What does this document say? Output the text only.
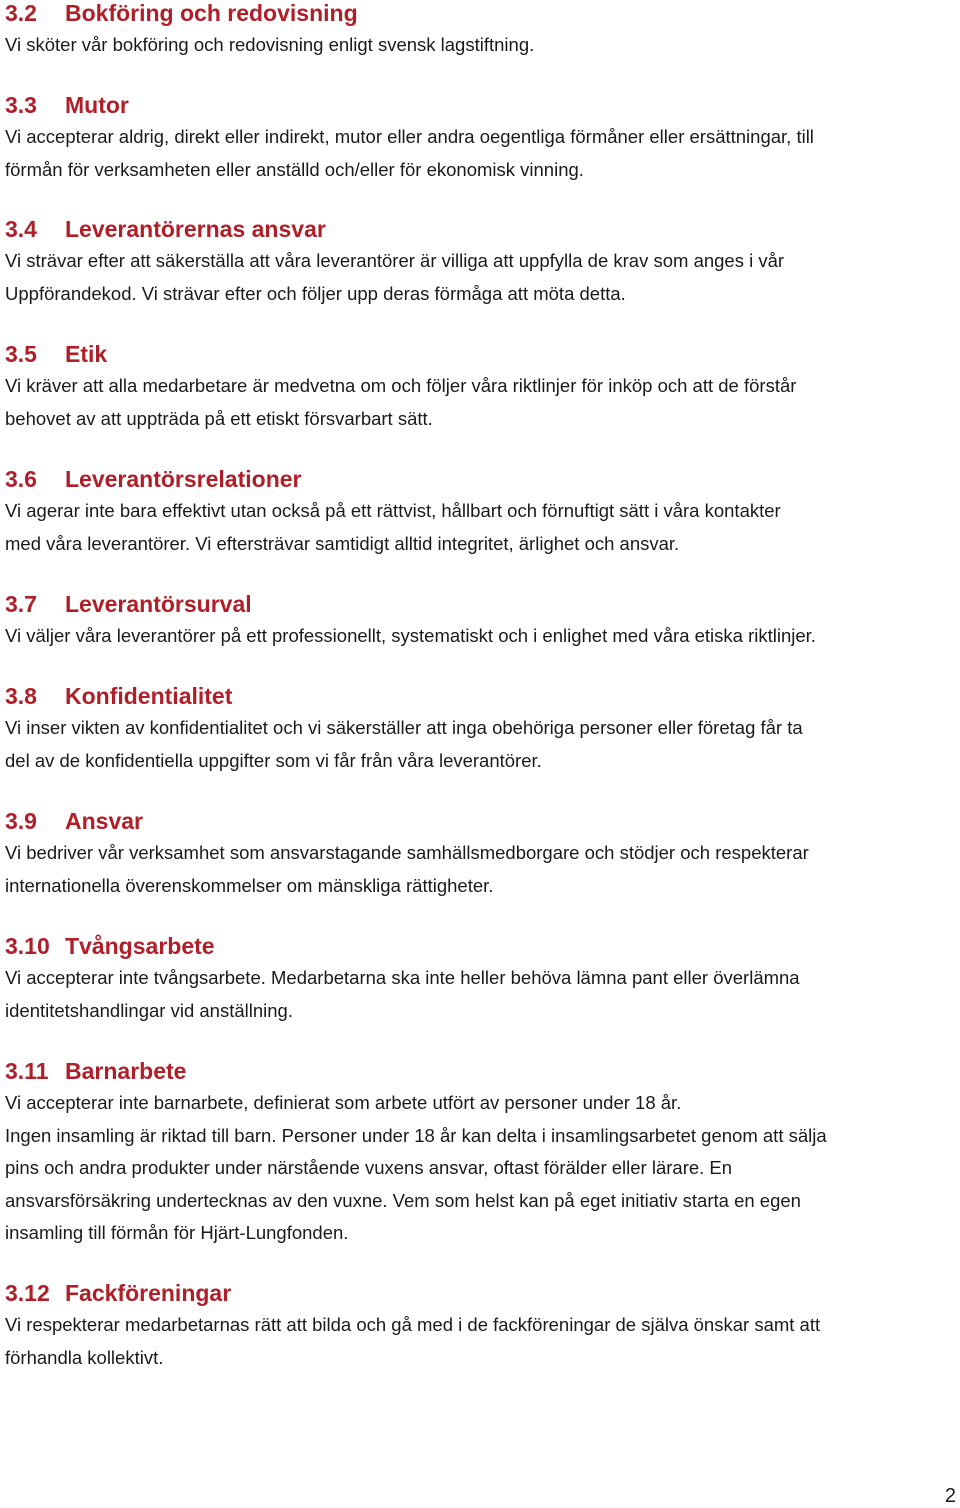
3.2	Bokföring och redovisning

Vi sköter vår bokföring och redovisning enligt svensk lagstiftning.

3.3	Mutor

Vi accepterar aldrig, direkt eller indirekt, mutor eller andra oegentliga förmåner eller ersättningar, till

förmån för verksamheten eller anställd och/eller för ekonomisk vinning.

3.4	Leverantörernas ansvar

Vi strävar efter att säkerställa att våra leverantörer är villiga att uppfylla de krav som anges i vår

Uppförandekod. Vi strävar efter och följer upp deras förmåga att möta detta.

3.5	Etik

Vi kräver att alla medarbetare är medvetna om och följer våra riktlinjer för inköp och att de förstår

behovet av att uppträda på ett etiskt försvarbart sätt.

3.6	Leverantörsrelationer

Vi agerar inte bara effektivt utan också på ett rättvist, hållbart och förnuftigt sätt i våra kontakter

med våra leverantörer. Vi eftersträvar samtidigt alltid integritet, ärlighet och ansvar.

3.7	Leverantörsurval

Vi väljer våra leverantörer på ett professionellt, systematiskt och i enlighet med våra etiska riktlinjer.

3.8	Konfidentialitet

Vi inser vikten av konfidentialitet och vi säkerställer att inga obehöriga personer eller företag får ta

del av de konfidentiella uppgifter som vi får från våra leverantörer.

3.9	Ansvar

Vi bedriver vår verksamhet som ansvarstagande samhällsmedborgare och stödjer och respekterar

internationella överenskommelser om mänskliga rättigheter.

3.10 Tvångsarbete

Vi accepterar inte tvångsarbete. Medarbetarna ska inte heller behöva lämna pant eller överlämna

identitetshandlingar vid anställning.

3.11 Barnarbete

Vi accepterar inte barnarbete, definierat som arbete utfört av personer under 18 år.

Ingen insamling är riktad till barn. Personer under 18 år kan delta i insamlingsarbetet genom att sälja

pins och andra produkter under närstående vuxens ansvar, oftast förälder eller lärare. En

ansvarsförsäkring undertecknas av den vuxne. Vem som helst kan på eget initiativ starta en egen

insamling till förmån för Hjärt-Lungfonden.

3.12 Fackföreningar

Vi respekterar medarbetarnas rätt att bilda och gå med i de fackföreningar de själva önskar samt att

förhandla kollektivt.

2
